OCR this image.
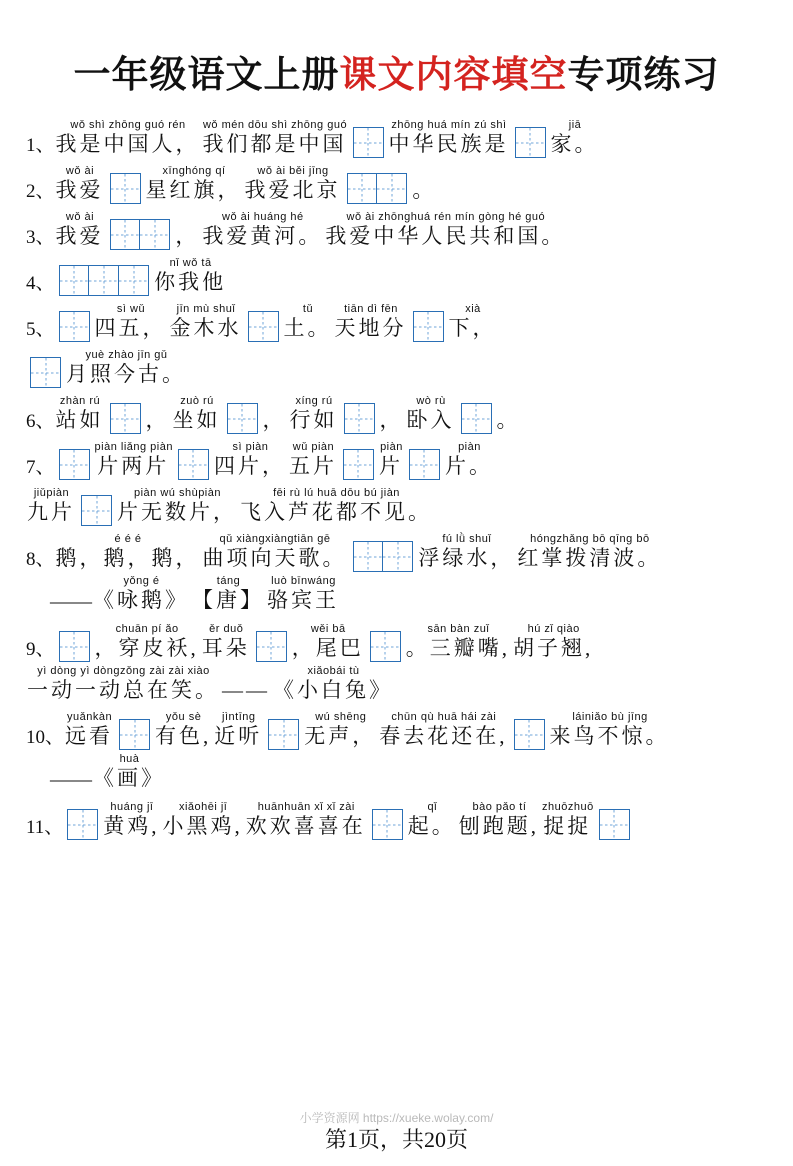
一年级语文上册课文内容填空专项练习
1、
wǒ shì zhōng guó rén
我是中国人，
wǒ mén dōu shì zhōng guó
我们都是中国
zhōng huá mín zú shì
中华民族是
jiā
家。
2、
wǒ ài
我爱
xīnghóng qí
星红旗，
wǒ ài běi jīng
我爱北京	。
3、
wǒ ài
我爱	，
wǒ ài huáng hé
我爱黄河。
wǒ ài zhōnghuá rén mín gòng hé guó
我爱中华人民共和国。
4、
nǐ wǒ tā
你我他
5、
sì wǔ
四五，
jīn mù shuǐ
金木水
tǔ
土。
tiān dì fēn
天地分
xià
下，
yuè zhào jīn gǔ
月照今古。
6、
zhàn rú
站如 ，
zuò rú
坐如 ，
xíng rú
行如 ，
wò rù
卧入 。
7、
piàn liǎng piàn
片两片
sì piàn
四片，
wǔ piàn
五片
piàn
片
piàn
片。
jiǔpiàn
九片
piàn wú shùpiàn
片无数片，
fēi rù lú huā dōu bú jiàn
飞入芦花都不见。
8、
é é é
鹅，鹅，鹅，
qǔ xiàngxiàngtiān gē
曲项向天歌。
fú lǜ shuǐ
浮绿水，
hóngzhǎng bō qīng bō
红掌拨清波。
——
yǒng é
《咏鹅》
táng
【唐】
luò bīnwáng
骆宾王
9、
chuān pí ǎo
，穿皮袄,
ěr duǒ
耳朵
wěi bā
，尾巴
sān bàn zuǐ
。三瓣嘴,
hú zǐ qiào
胡子翘,
yì dòng yì dòngzǒng zài zài xiào
一动一动总在笑。 ——
xiǎobái tù
《小白兔》
10、
yuǎnkàn
远看
yǒu sè
有色,
jìntīng
近听
wú shēng
无声，
chūn qù huā hái zài
春去花还在,
láiniǎo bù jīng
来鸟不惊。
——
huà
《画》
11、
huáng jī
黄鸡,
xiǎohēi jī
小黑鸡,
huānhuān xǐ xǐ zài
欢欢喜喜在
qǐ
起。
bào pǎo tí
刨跑题,
zhuōzhuō
捉捉
小学资源网 https://xueke.wolay.com/
第1页，共20页
